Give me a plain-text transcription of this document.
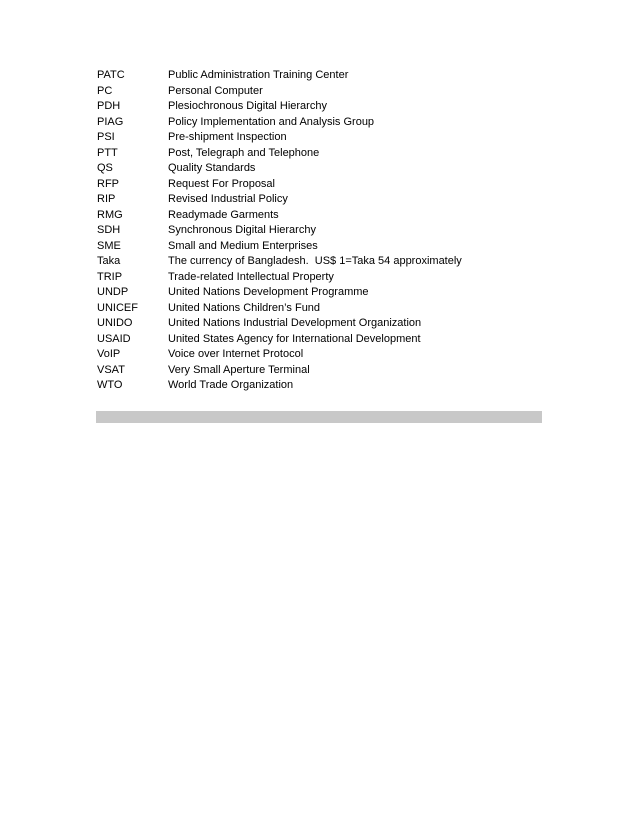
PATC	Public Administration Training Center
PC	Personal Computer
PDH	Plesiochronous Digital Hierarchy
PIAG	Policy Implementation and Analysis Group
PSI	Pre-shipment Inspection
PTT	Post, Telegraph and Telephone
QS	Quality Standards
RFP	Request For Proposal
RIP	Revised Industrial Policy
RMG	Readymade Garments
SDH	Synchronous Digital Hierarchy
SME	Small and Medium Enterprises
Taka	The currency of Bangladesh.  US$ 1=Taka 54 approximately
TRIP	Trade-related Intellectual Property
UNDP	United Nations Development Programme
UNICEF	United Nations Children’s Fund
UNIDO	United Nations Industrial Development Organization
USAID	United States Agency for International Development
VoIP	Voice over Internet Protocol
VSAT	Very Small Aperture Terminal
WTO	World Trade Organization
